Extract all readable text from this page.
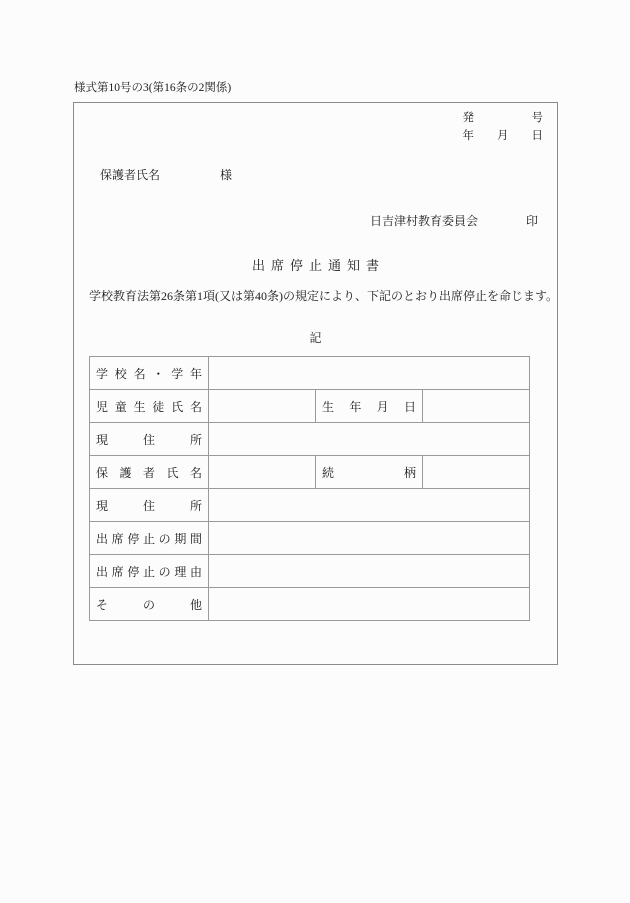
様式第10号の3(第16条の2関係)
発　　　　　号
年　　月　　日
保護者氏名　　　　　様
日吉津村教育委員会　　　　印
出席停止通知書
学校教育法第26条第1項(又は第40条)の規定により、下記のとおり出席停止を命じます。
記
学校名・学年			

児童生徒氏名		生年月日	

現住所			

保護者氏名		続柄	

現住所			

出席停止の期間			

出席停止の理由			

その他			
